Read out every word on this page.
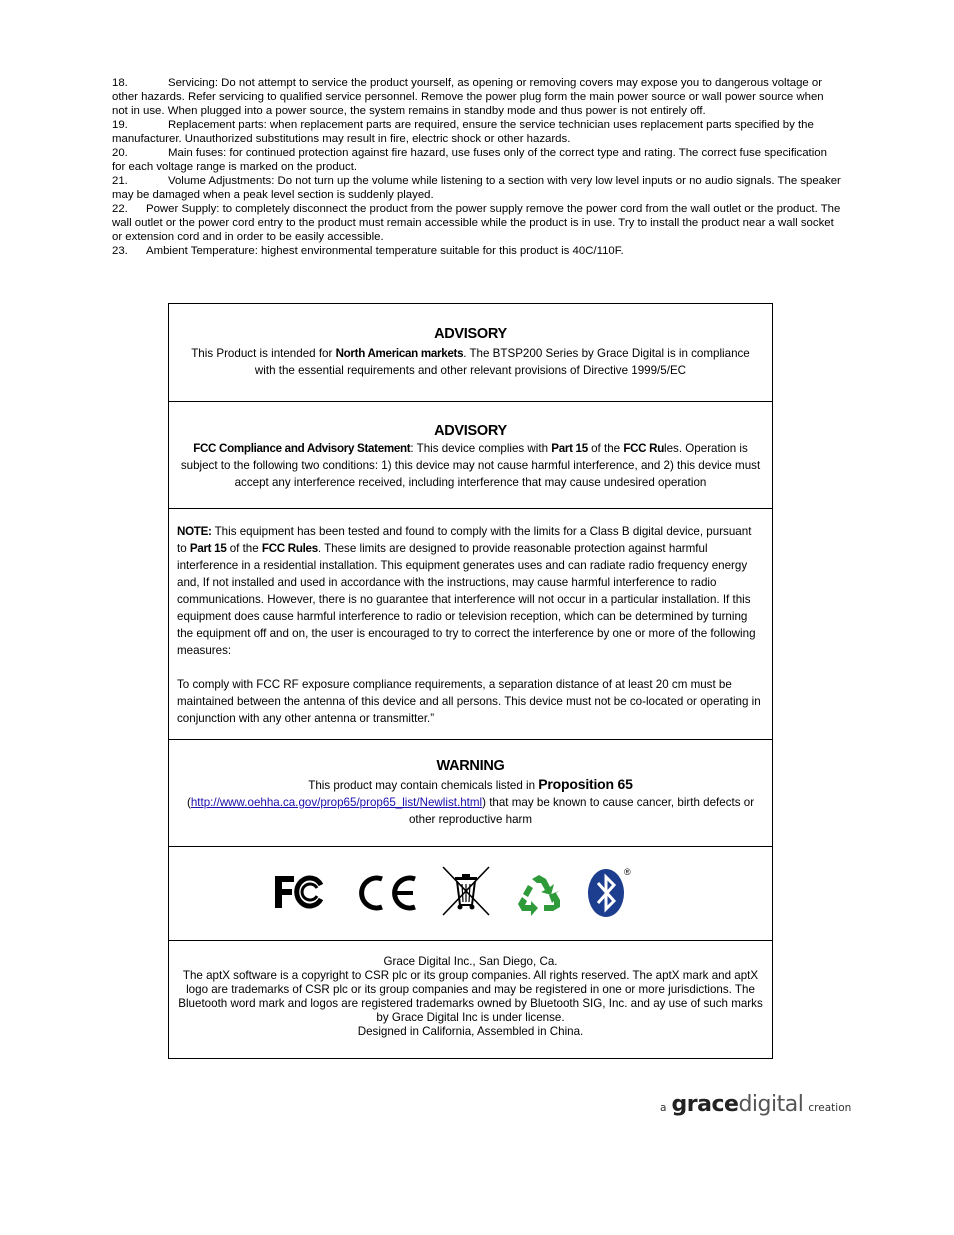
18.	Servicing: Do not attempt to service the product yourself, as opening or removing covers may expose you to dangerous voltage or other hazards. Refer servicing to qualified service personnel. Remove the power plug form the main power source or wall power source when not in use. When plugged into a power source, the system remains in standby mode and thus power is not entirely off.

19.	Replacement parts: when replacement parts are required, ensure the service technician uses replacement parts specified by the manufacturer. Unauthorized substitutions may result in fire, electric shock or other hazards.

20.	Main fuses: for continued protection against fire hazard, use fuses only of the correct type and rating. The correct fuse specification for each voltage range is marked on the product.

21.	Volume Adjustments: Do not turn up the volume while listening to a section with very low level inputs or no audio signals. The speaker may be damaged when a peak level section is suddenly played.

22. Power Supply: to completely disconnect the product from the power supply remove the power cord from the wall outlet or the product. The wall outlet or the power cord entry to the product must remain accessible while the product is in use. Try to install the product near a wall socket or extension cord and in order to be easily accessible.

23. Ambient Temperature: highest environmental temperature suitable for this product is 40C/110F.

ADVISORY

This Product is intended for North American markets. The BTSP200 Series by Grace Digital is in compliance with the essential requirements and other relevant provisions of Directive 1999/5/EC

ADVISORY

FCC Compliance and Advisory Statement: This device complies with Part 15 of the FCC Rules. Operation is subject to the following two conditions: 1) this device may not cause harmful interference, and 2) this device must accept any interference received, including interference that may cause undesired operation

NOTE: This equipment has been tested and found to comply with the limits for a Class B digital device, pursuant to Part 15 of the FCC Rules. These limits are designed to provide reasonable protection against harmful interference in a residential installation. This equipment generates uses and can radiate radio frequency energy and, If not installed and used in accordance with the instructions, may cause harmful interference to radio communications. However, there is no guarantee that interference will not occur in a particular installation. If this equipment does cause harmful interference to radio or television reception, which can be determined by turning the equipment off and on, the user is encouraged to try to correct the interference by one or more of the following measures:

To comply with FCC RF exposure compliance requirements, a separation distance of at least 20 cm must be maintained between the antenna of this device and all persons. This device must not be co-located or operating in conjunction with any other antenna or transmitter.”

WARNING

This product may contain chemicals listed in Proposition 65
(http://www.oehha.ca.gov/prop65/prop65_list/Newlist.html) that may be known to cause cancer, birth defects or other reproductive harm

®

Grace Digital Inc., San Diego, Ca.

The aptX software is a copyright to CSR plc or its group companies. All rights reserved. The aptX mark and aptX logo are trademarks of CSR plc or its group companies and may be registered in one or more jurisdictions. The Bluetooth word mark and logos are registered trademarks owned by Bluetooth SIG, Inc. and ay use of such marks by Grace Digital Inc is under license.

Designed in California, Assembled in China.

a gracedigital creation
